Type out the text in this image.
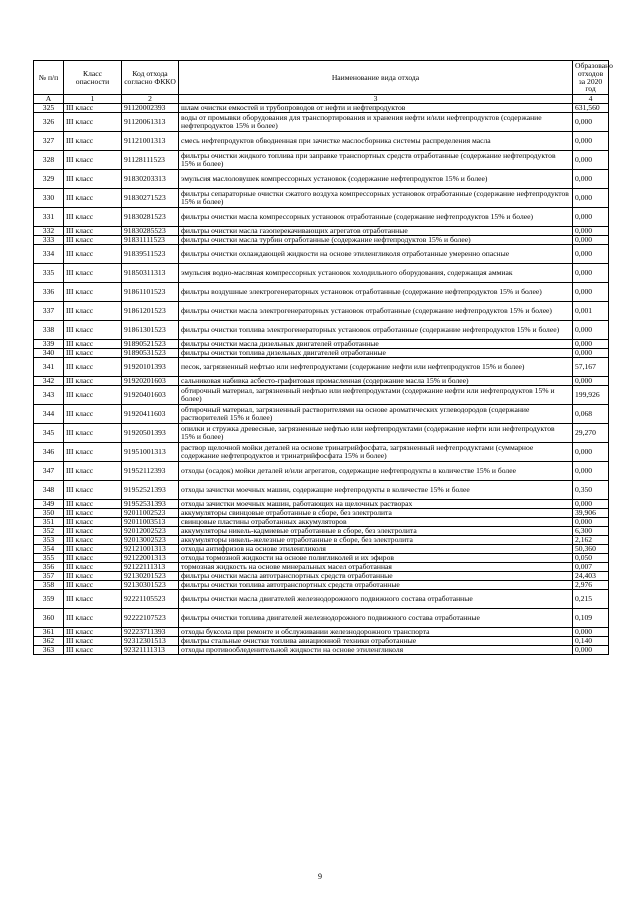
№ п/п	Класс опасности	Код отхода согласно ФККО	Наименование вида отхода	Образовано отходов за 2020 год
А	1	2	3	4
325	III класс	91120002393	шлам очистки емкостей и трубопроводов от нефти и нефтепродуктов	631,560
326	III класс	91120061313	воды от промывки оборудования для транспортирования и хранения нефти и/или нефтепродуктов (содержание нефтепродуктов 15% и более)	0,000
327	III класс	91121001313	смесь нефтепродуктов обводненная при зачистке маслосборника системы распределения масла	0,000
328	III класс	91128111523	фильтры очистки жидкого топлива при заправке транспортных средств отработанные (содержание нефтепродуктов 15% и более)	0,000
329	III класс	91830203313	эмульсия маслоловушек компрессорных установок (содержание нефтепродуктов 15% и более)	0,000
330	III класс	91830271523	фильтры сепараторные очистки сжатого воздуха компрессорных установок отработанные (содержание нефтепродуктов 15% и более)	0,000
331	III класс	91830281523	фильтры очистки масла компрессорных установок отработанные (содержание нефтепродуктов 15% и более)	0,000
332	III класс	91830285523	фильтры очистки масла газоперекачивающих агрегатов отработанные	0,000
333	III класс	91831111523	фильтры очистки масла турбин отработанные (содержание нефтепродуктов 15% и более)	0,000
334	III класс	91839511523	фильтры очистки охлаждающей жидкости на основе этиленгликоля отработанные умеренно опасные	0,000
335	III класс	91850311313	эмульсия водно-масляная компрессорных установок холодильного оборудования, содержащая аммиак	0,000
336	III класс	91861101523	фильтры воздушные электрогенераторных установок отработанные (содержание нефтепродуктов 15% и более)	0,000
337	III класс	91861201523	фильтры очистки масла электрогенераторных установок отработанные (содержание нефтепродуктов 15% и более)	0,001
338	III класс	91861301523	фильтры очистки топлива электрогенераторных установок отработанные (содержание нефтепродуктов 15% и более)	0,000
339	III класс	91890521523	фильтры очистки масла дизельных двигателей отработанные	0,000
340	III класс	91890531523	фильтры очистки топлива дизельных двигателей отработанные	0,000
341	III класс	91920101393	песок, загрязненный нефтью или нефтепродуктами (содержание нефти или нефтепродуктов 15% и более)	57,167
342	III класс	91920201603	сальниковая набивка асбесто-графитовая промасленная (содержание масла 15% и более)	0,000
343	III класс	91920401603	обтирочный материал, загрязненный нефтью или нефтепродуктами (содержание нефти или нефтепродуктов 15% и более)	199,926
344	III класс	91920411603	обтирочный материал, загрязненный растворителями на основе ароматических углеводородов (содержание растворителей 15% и более)	0,068
345	III класс	91920501393	опилки и стружка древесные, загрязненные нефтью или нефтепродуктами (содержание нефти или нефтепродуктов 15% и более)	29,270
346	III класс	91951001313	раствор щелочной мойки деталей на основе тринатрийфосфата, загрязненный нефтепродуктами (суммарное содержание нефтепродуктов и тринатрийфосфата 15% и более)	0,000
347	III класс	91952112393	отходы (осадок) мойки деталей и/или агрегатов, содержащие нефтепродукты в количестве 15% и более	0,000
348	III класс	91952521393	отходы зачистки моечных машин, содержащие нефтепродукты в количестве 15% и более	0,350
349	III класс	91952531393	отходы зачистки моечных машин, работающих на щелочных растворах	0,000
350	III класс	92011002523	аккумуляторы свинцовые отработанные в сборе, без электролита	39,906
351	III класс	92011003513	свинцовые пластины отработанных аккумуляторов	0,000
352	III класс	92012002523	аккумуляторы никель-кадмиевые отработанные в сборе, без электролита	6,300
353	III класс	92013002523	аккумуляторы никель-железные отработанные в сборе, без электролита	2,162
354	III класс	92121001313	отходы антифризов на основе этиленгликоля	50,360
355	III класс	92122001313	отходы тормозной жидкости на основе полигликолей и их эфиров	0,050
356	III класс	92122111313	тормозная жидкость на основе минеральных масел отработанная	0,007
357	III класс	92130201523	фильтры очистки масла автотранспортных средств отработанные	24,403
358	III класс	92130301523	фильтры очистки топлива автотранспортных средств отработанные	2,976
359	III класс	92221105523	фильтры очистки масла двигателей железнодорожного подвижного состава отработанные	0,215
360	III класс	92222107523	фильтры очистки топлива двигателей железнодорожного подвижного состава отработанные	0,109
361	III класс	92223711393	отходы буксола при ремонте и обслуживании железнодорожного транспорта	0,000
362	III класс	92312301513	фильтры стальные очистки топлива авиационной техники отработанные	0,140
363	III класс	92321111313	отходы противообледенительной жидкости на основе этиленгликоля	0,000
9
